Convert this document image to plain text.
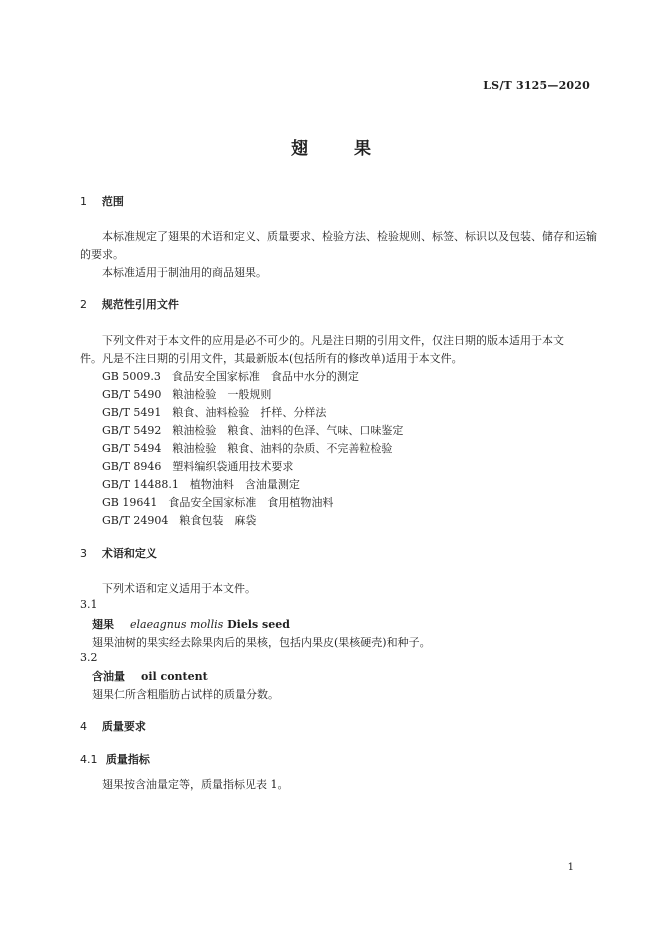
LS/T 3125—2020
翅 果
1 范围
本标准规定了翅果的术语和定义、质量要求、检验方法、检验规则、标签、标识以及包装、储存和运输
的要求。
本标准适用于制油用的商品翅果。
2 规范性引用文件
下列文件对于本文件的应用是必不可少的。凡是注日期的引用文件，仅注日期的版本适用于本文
件。凡是不注日期的引用文件，其最新版本(包括所有的修改单)适用于本文件。
GB 5009.3　食品安全国家标准　食品中水分的测定
GB/T 5490　粮油检验　一般规则
GB/T 5491　粮食、油料检验　扦样、分样法
GB/T 5492　粮油检验　粮食、油料的色泽、气味、口味鉴定
GB/T 5494　粮油检验　粮食、油料的杂质、不完善粒检验
GB/T 8946　塑料编织袋通用技术要求
GB/T 14488.1　植物油料　含油量测定
GB 19641　食品安全国家标准　食用植物油料
GB/T 24904　粮食包装　麻袋
3 术语和定义
下列术语和定义适用于本文件。
3.1
翅果 elaeagnus mollis Diels seed
翅果油树的果实经去除果肉后的果核，包括内果皮(果核硬壳)和种子。
3.2
含油量 oil content
翅果仁所含粗脂肪占试样的质量分数。
4 质量要求
4.1 质量指标
翅果按含油量定等，质量指标见表 1。
1
